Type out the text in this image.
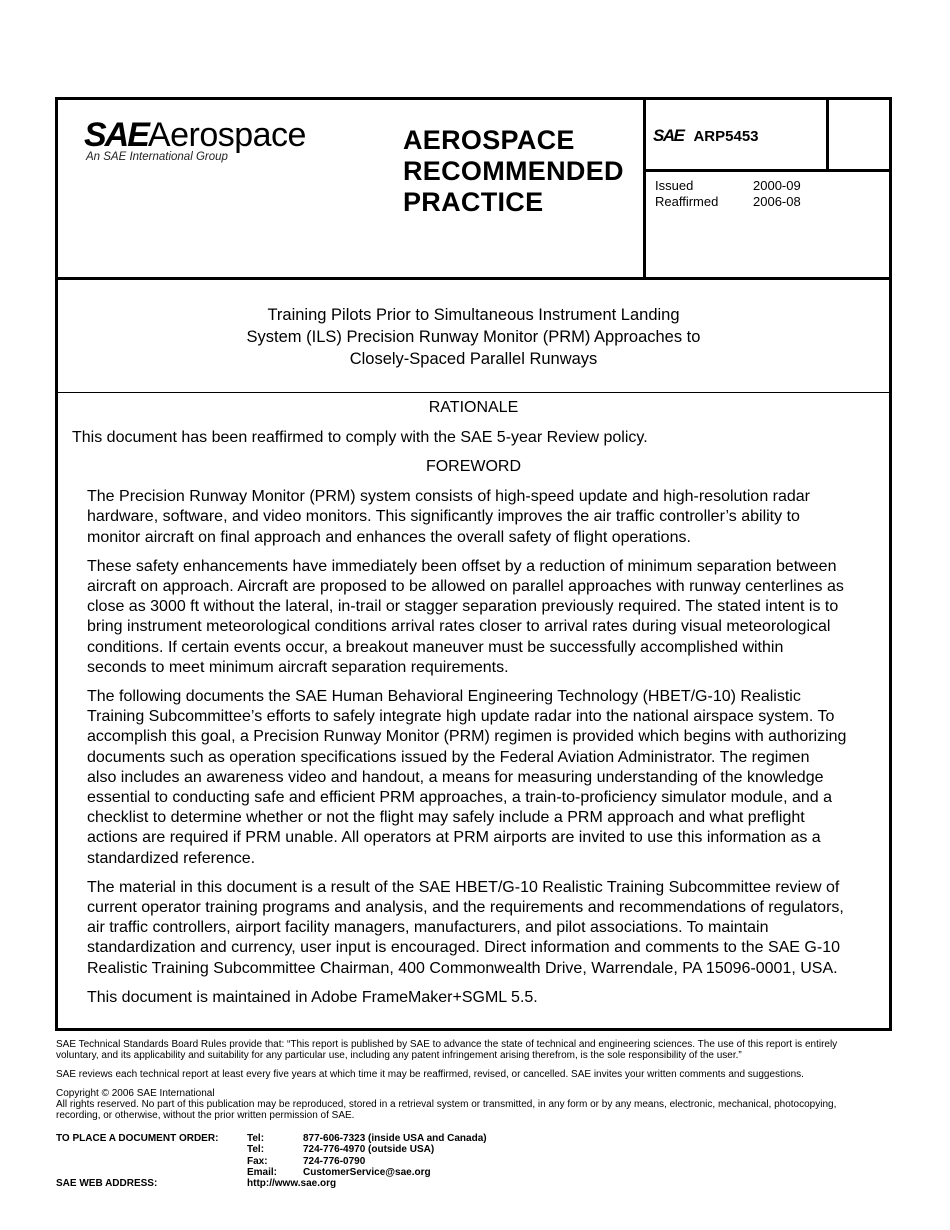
SAEAerospace
An SAE International Group
AEROSPACE
RECOMMENDED
PRACTICE
SAE ARP5453
Issued	2000-09
Reaffirmed	2006-08
Training Pilots Prior to Simultaneous Instrument Landing
System (ILS) Precision Runway Monitor (PRM) Approaches to
Closely-Spaced Parallel Runways
RATIONALE

This document has been reaffirmed to comply with the SAE 5-year Review policy.

FOREWORD

The Precision Runway Monitor (PRM) system consists of high-speed update and high-resolution radar
hardware, software, and video monitors. This significantly improves the air traffic controller’s ability to
monitor aircraft on final approach and enhances the overall safety of flight operations.

These safety enhancements have immediately been offset by a reduction of minimum separation between
aircraft on approach. Aircraft are proposed to be allowed on parallel approaches with runway centerlines as
close as 3000 ft without the lateral, in-trail or stagger separation previously required. The stated intent is to
bring instrument meteorological conditions arrival rates closer to arrival rates during visual meteorological
conditions. If certain events occur, a breakout maneuver must be successfully accomplished within
seconds to meet minimum aircraft separation requirements.

The following documents the SAE Human Behavioral Engineering Technology (HBET/G-10) Realistic
Training Subcommittee’s efforts to safely integrate high update radar into the national airspace system. To
accomplish this goal, a Precision Runway Monitor (PRM) regimen is provided which begins with authorizing
documents such as operation specifications issued by the Federal Aviation Administrator. The regimen
also includes an awareness video and handout, a means for measuring understanding of the knowledge
essential to conducting safe and efficient PRM approaches, a train-to-proficiency simulator module, and a
checklist to determine whether or not the flight may safely include a PRM approach and what preflight
actions are required if PRM unable. All operators at PRM airports are invited to use this information as a
standardized reference.

The material in this document is a result of the SAE HBET/G-10 Realistic Training Subcommittee review of
current operator training programs and analysis, and the requirements and recommendations of regulators,
air traffic controllers, airport facility managers, manufacturers, and pilot associations. To maintain
standardization and currency, user input is encouraged. Direct information and comments to the SAE G-10
Realistic Training Subcommittee Chairman, 400 Commonwealth Drive, Warrendale, PA 15096-0001, USA.

This document is maintained in Adobe FrameMaker+SGML 5.5.

SAE Technical Standards Board Rules provide that: “This report is published by SAE to advance the state of technical and engineering sciences. The use of this report is entirely
voluntary, and its applicability and suitability for any particular use, including any patent infringement arising therefrom, is the sole responsibility of the user.”

SAE reviews each technical report at least every five years at which time it may be reaffirmed, revised, or cancelled. SAE invites your written comments and suggestions.

Copyright © 2006 SAE International
All rights reserved. No part of this publication may be reproduced, stored in a retrieval system or transmitted, in any form or by any means, electronic, mechanical, photocopying,
recording, or otherwise, without the prior written permission of SAE.

TO PLACE A DOCUMENT ORDER:	Tel:	877-606-7323 (inside USA and Canada)
Tel:	724-776-4970 (outside USA)
Fax:	724-776-0790
Email:	CustomerService@sae.org
SAE WEB ADDRESS:	http://www.sae.org
